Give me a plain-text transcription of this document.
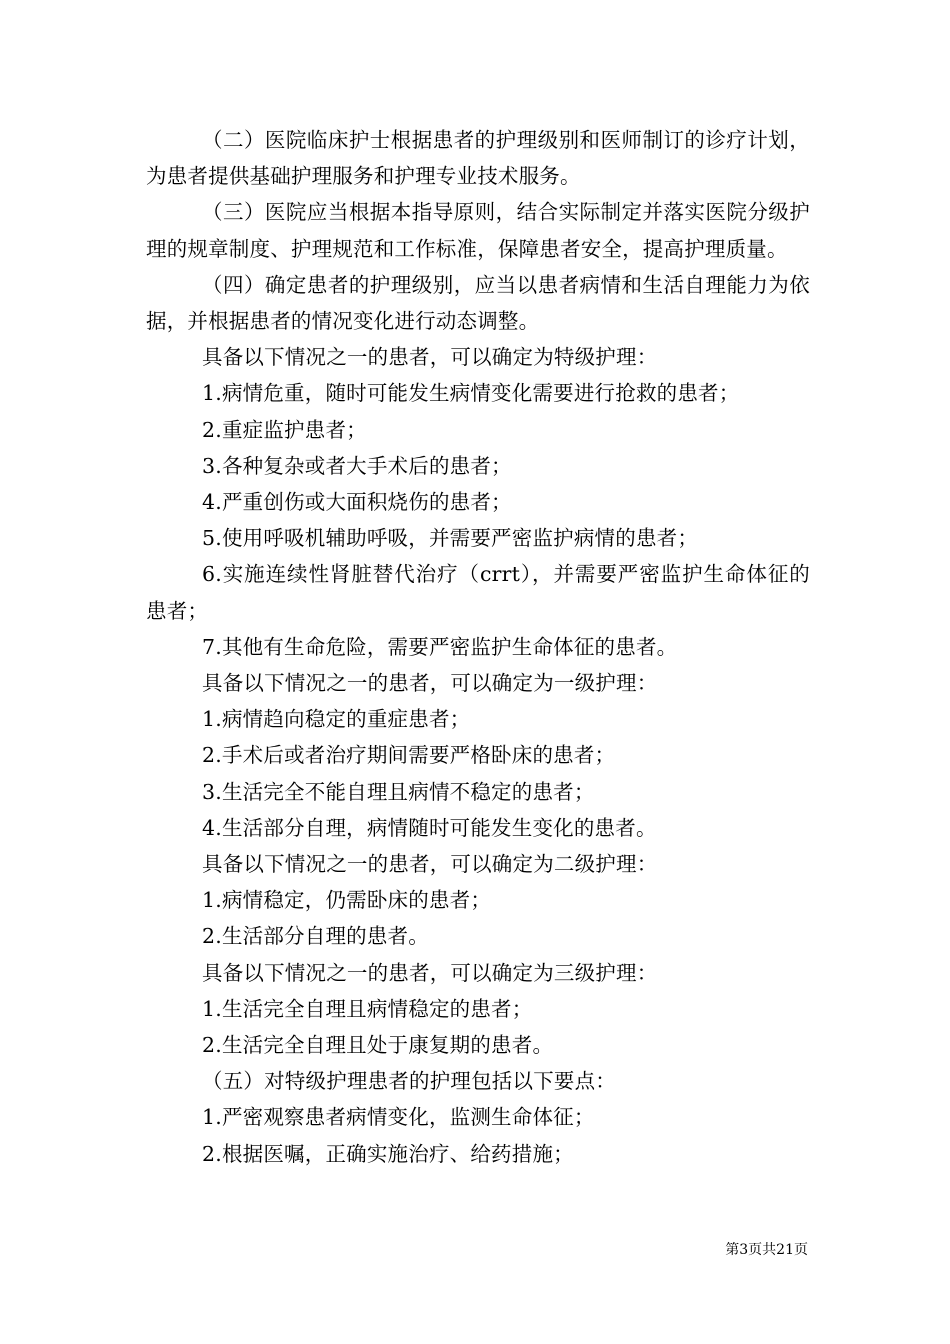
（二）医院临床护士根据患者的护理级别和医师制订的诊疗计划，为患者提供基础护理服务和护理专业技术服务。

（三）医院应当根据本指导原则，结合实际制定并落实医院分级护理的规章制度、护理规范和工作标准，保障患者安全，提高护理质量。

（四）确定患者的护理级别，应当以患者病情和生活自理能力为依据，并根据患者的情况变化进行动态调整。

具备以下情况之一的患者，可以确定为特级护理：

1.病情危重，随时可能发生病情变化需要进行抢救的患者；

2.重症监护患者；

3.各种复杂或者大手术后的患者；

4.严重创伤或大面积烧伤的患者；

5.使用呼吸机辅助呼吸，并需要严密监护病情的患者；

6.实施连续性肾脏替代治疗（crrt），并需要严密监护生命体征的患者；

7.其他有生命危险，需要严密监护生命体征的患者。

具备以下情况之一的患者，可以确定为一级护理：

1.病情趋向稳定的重症患者；

2.手术后或者治疗期间需要严格卧床的患者；

3.生活完全不能自理且病情不稳定的患者；

4.生活部分自理，病情随时可能发生变化的患者。

具备以下情况之一的患者，可以确定为二级护理：

1.病情稳定，仍需卧床的患者；

2.生活部分自理的患者。

具备以下情况之一的患者，可以确定为三级护理：

1.生活完全自理且病情稳定的患者；

2.生活完全自理且处于康复期的患者。

（五）对特级护理患者的护理包括以下要点：

1.严密观察患者病情变化，监测生命体征；

2.根据医嘱，正确实施治疗、给药措施；

第3页共21页
